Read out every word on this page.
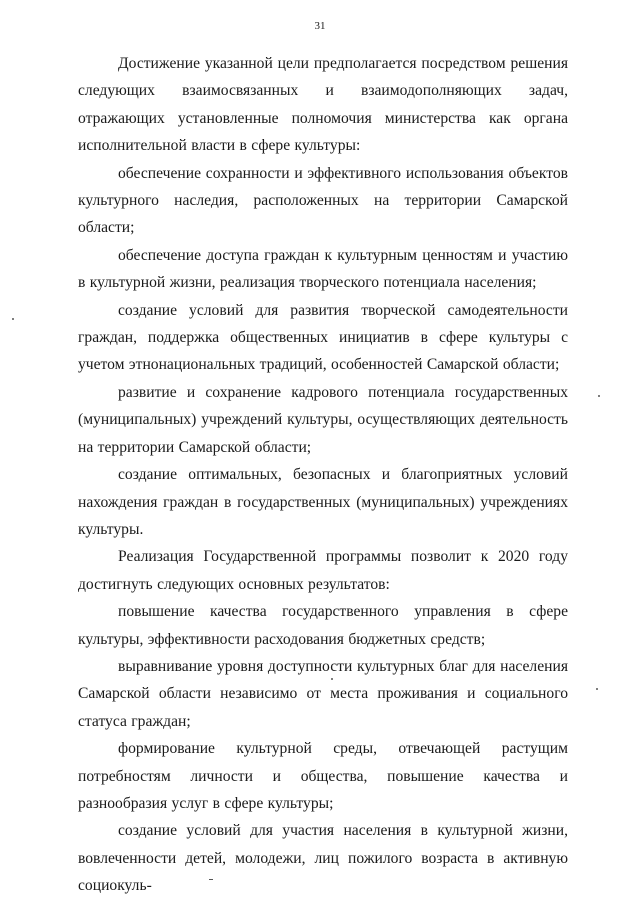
31

Достижение указанной цели предполагается посредством решения следующих взаимосвязанных и взаимодополняющих задач, отражающих установленные полномочия министерства как органа исполнительной власти в сфере культуры:

обеспечение сохранности и эффективного использования объектов культурного наследия, расположенных на территории Самарской области;

обеспечение доступа граждан к культурным ценностям и участию в культурной жизни, реализация творческого потенциала населения;

создание условий для развития творческой самодеятельности граждан, поддержка общественных инициатив в сфере культуры с учетом этнонациональных традиций, особенностей Самарской области;

развитие и сохранение кадрового потенциала государственных (муниципальных) учреждений культуры, осуществляющих деятельность на территории Самарской области;

создание оптимальных, безопасных и благоприятных условий нахождения граждан в государственных (муниципальных) учреждениях культуры.

Реализация Государственной программы позволит к 2020 году достигнуть следующих основных результатов:

повышение качества государственного управления в сфере культуры, эффективности расходования бюджетных средств;

выравнивание уровня доступности культурных благ для населения Самарской области независимо от места проживания и социального статуса граждан;

формирование культурной среды, отвечающей растущим потребностям личности и общества, повышение качества и разнообразия услуг в сфере культуры;

создание условий для участия населения в культурной жизни, вовлеченности детей, молодежи, лиц пожилого возраста в активную социокуль-
